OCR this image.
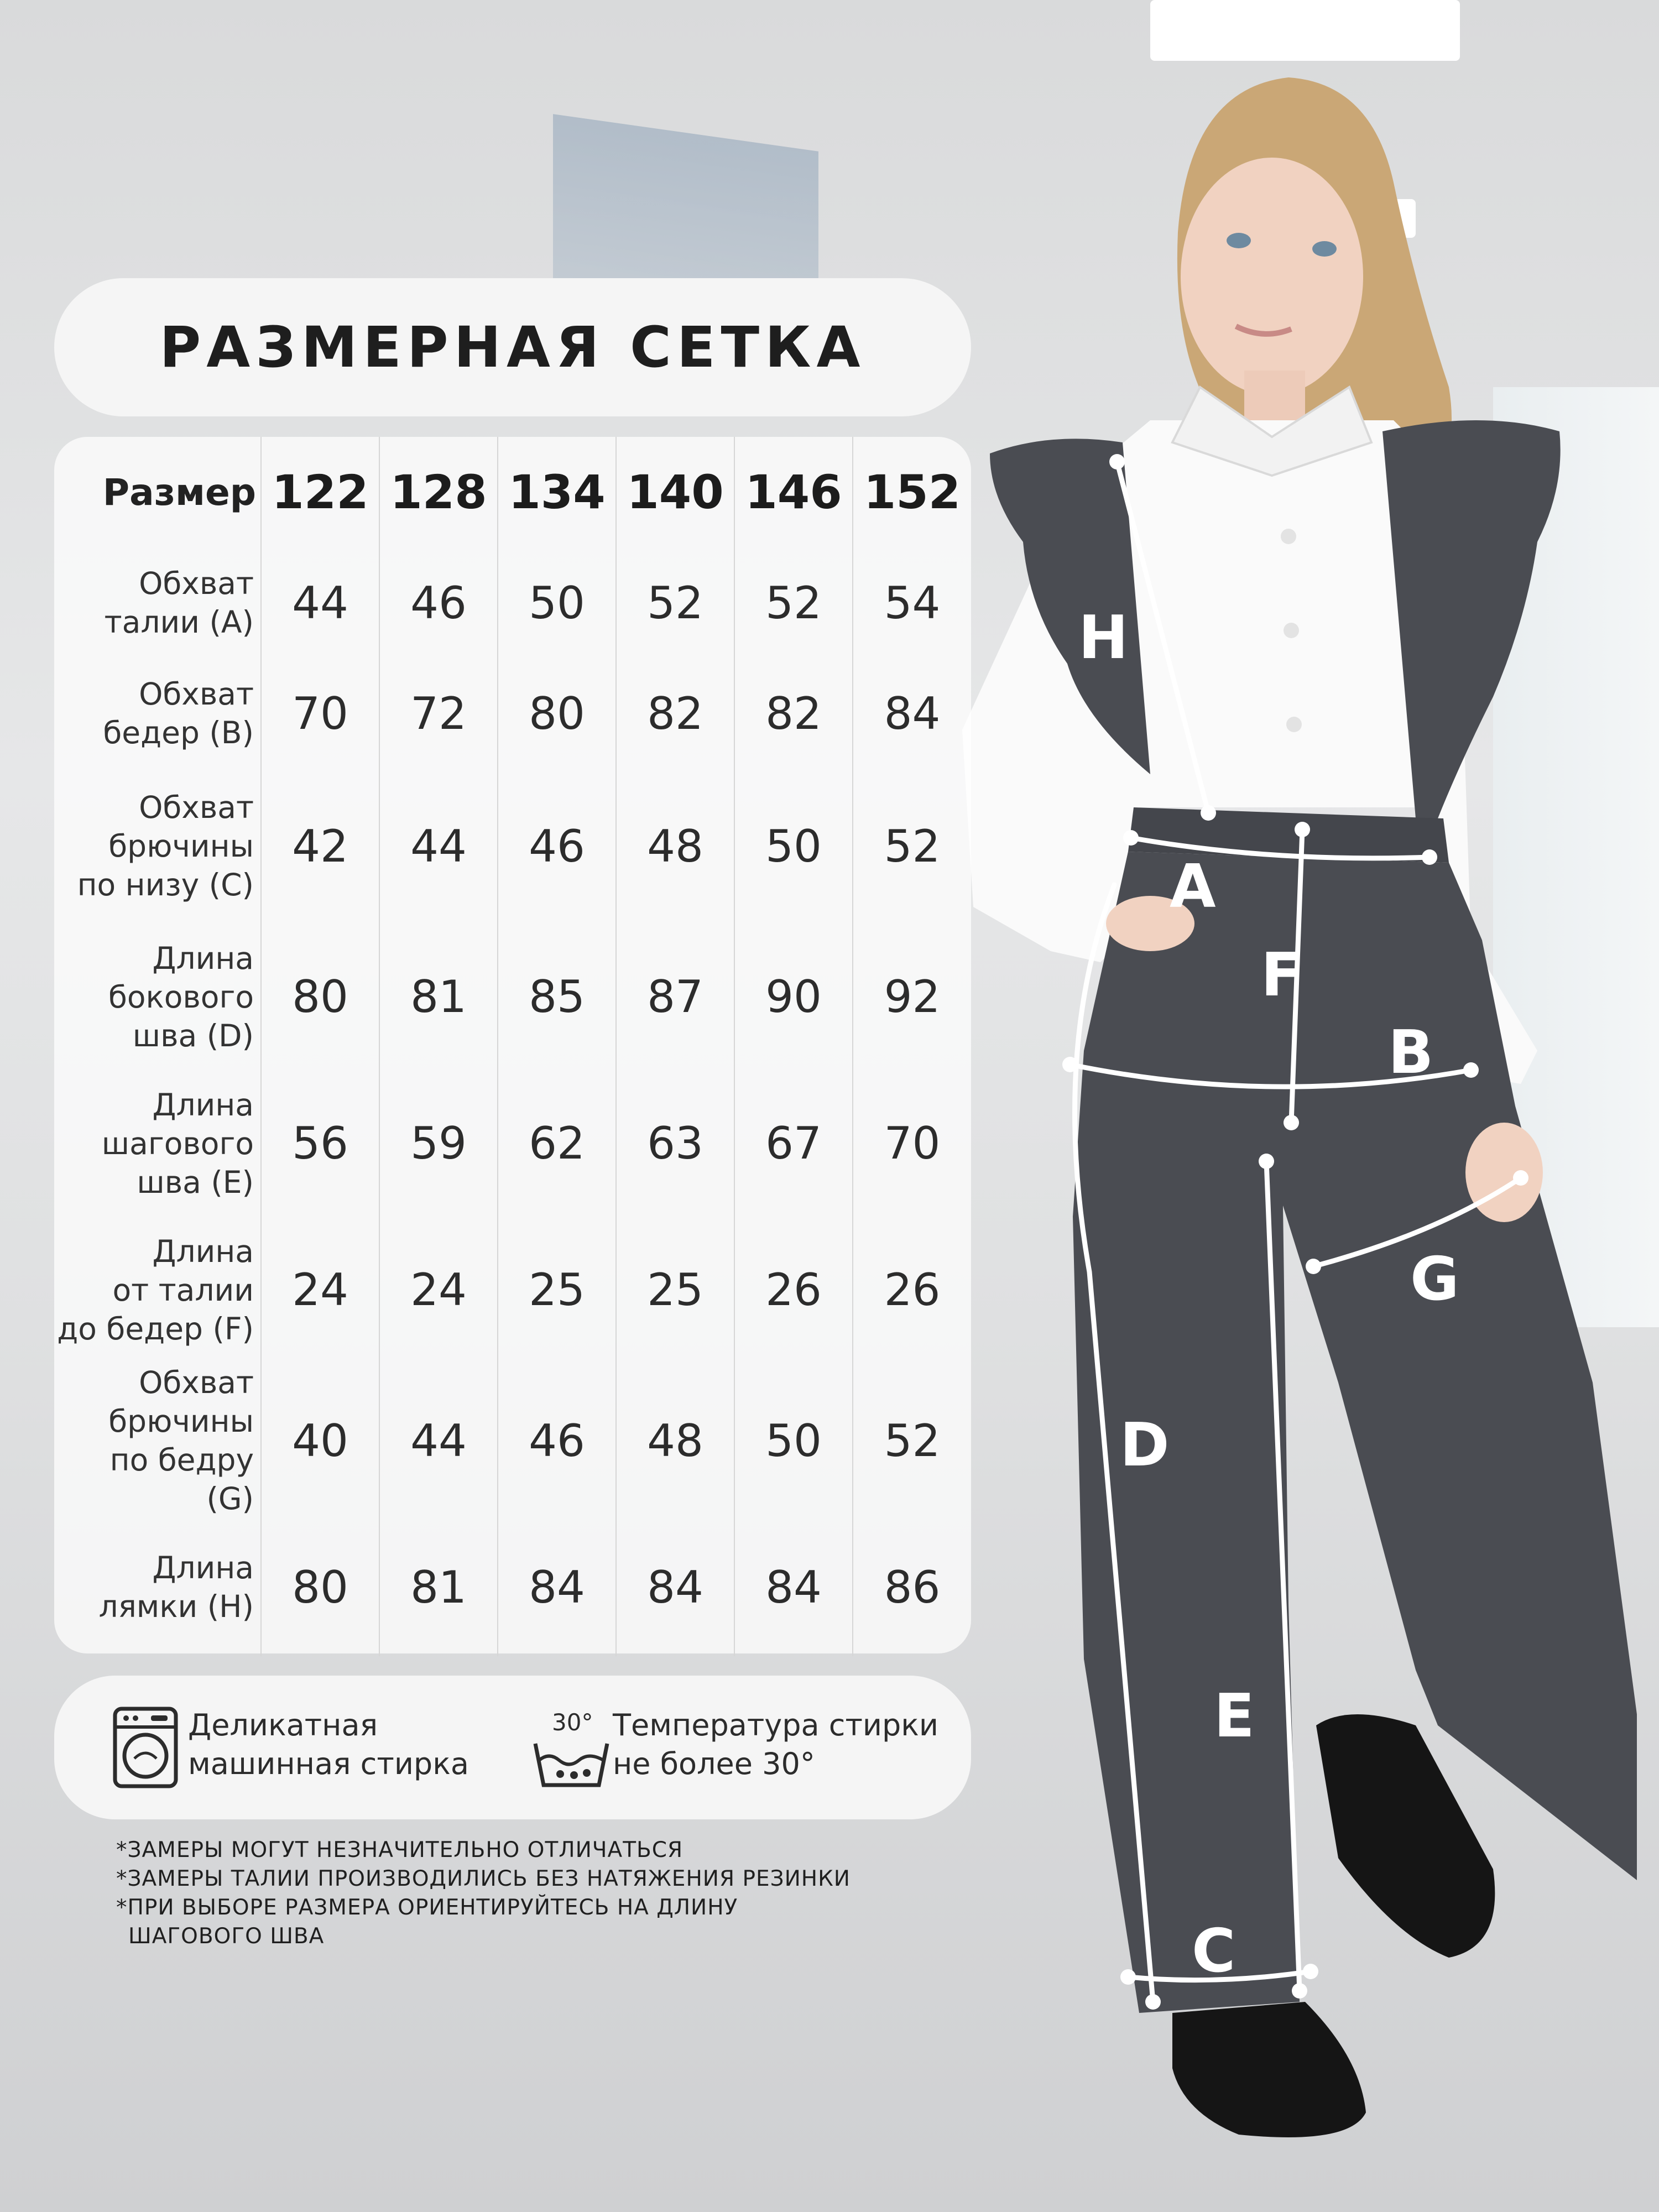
H
A
F
B
G
D
E
C
РАЗМЕРНАЯ СЕТКА
Размер	122	128	134	140	146	152
Обхват
талии (A)	44	46	50	52	52	54
Обхват
бедер (B)	70	72	80	82	82	84
Обхват
брючины
по низу (C)	42	44	46	48	50	52
Длина
бокового
шва (D)	80	81	85	87	90	92
Длина
шагового
шва (E)	56	59	62	63	67	70
Длина
от талии
до бедер (F)	24	24	25	25	26	26
Обхват
брючины
по бедру (G)	40	44	46	48	50	52
Длина
лямки (H)	80	81	84	84	84	86
Деликатная
машинная стирка
30° Температура стирки
не более 30°

*ЗАМЕРЫ МОГУТ НЕЗНАЧИТЕЛЬНО ОТЛИЧАТЬСЯ

*ЗАМЕРЫ ТАЛИИ ПРОИЗВОДИЛИСЬ БЕЗ НАТЯЖЕНИЯ РЕЗИНКИ

*ПРИ ВЫБОРЕ РАЗМЕРА ОРИЕНТИРУЙТЕСЬ НА ДЛИНУ

ШАГОВОГО ШВА
